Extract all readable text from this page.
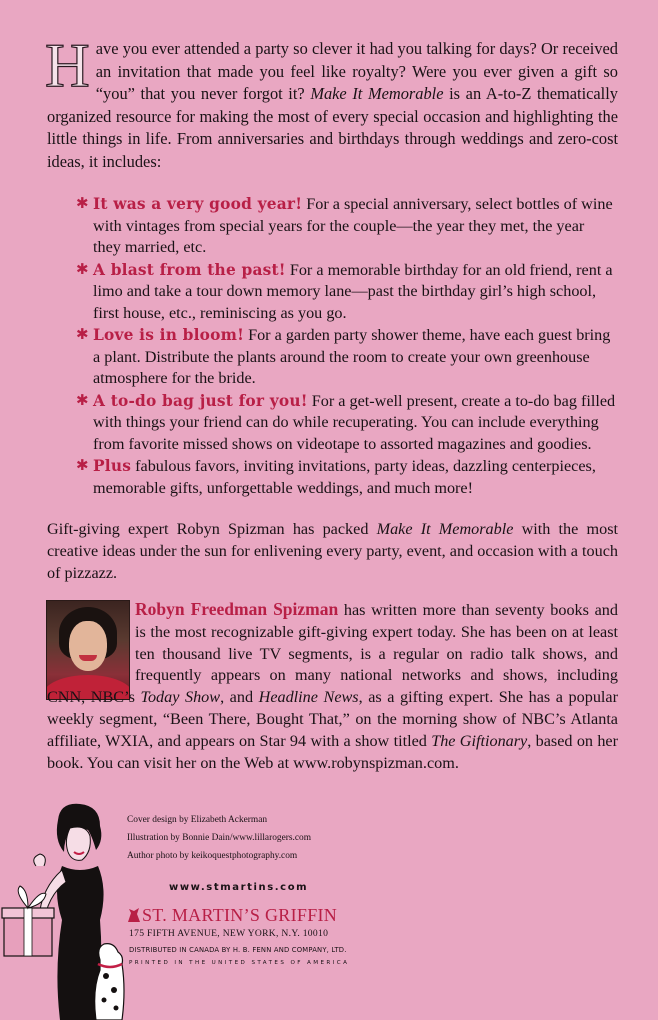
Have you ever attended a party so clever it had you talking for days? Or received an invitation that made you feel like royalty? Were you ever given a gift so “you” that you never forgot it? Make It Memorable is an A-to-Z thematically organized resource for making the most of every special occasion and highlighting the little things in life. From anniversaries and birthdays through weddings and zero-cost ideas, it includes:
✱ It was a very good year! For a special anniversary, select bottles of wine with vintages from special years for the couple—the year they met, the year they married, etc.
✱ A blast from the past! For a memorable birthday for an old friend, rent a limo and take a tour down memory lane—past the birthday girl’s high school, first house, etc., reminiscing as you go.
✱ Love is in bloom! For a garden party shower theme, have each guest bring a plant. Distribute the plants around the room to create your own greenhouse atmosphere for the bride.
✱ A to-do bag just for you! For a get-well present, create a to-do bag filled with things your friend can do while recuperating. You can include everything from favorite missed shows on videotape to assorted magazines and goodies.
✱ Plus fabulous favors, inviting invitations, party ideas, dazzling centerpieces, memorable gifts, unforgettable weddings, and much more!
Gift-giving expert Robyn Spizman has packed Make It Memorable with the most creative ideas under the sun for enlivening every party, event, and occasion with a touch of pizzazz.
Robyn Freedman Spizman has written more than seventy books and is the most recognizable gift-giving expert today. She has been on at least ten thousand live TV segments, is a regular on radio talk shows, and frequently appears on many national networks and shows, including CNN, NBC’s Today Show, and Headline News, as a gifting expert. She has a popular weekly segment, “Been There, Bought That,” on the morning show of NBC’s Atlanta affiliate, WXIA, and appears on Star 94 with a show titled The Giftionary, based on her book. You can visit her on the Web at www.robynspizman.com.
Cover design by Elizabeth Ackerman
Illustration by Bonnie Dain/www.lillarogers.com
Author photo by keikoquestphotography.com
www.stmartins.com
ST. MARTIN’S GRIFFIN
175 FIFTH AVENUE, NEW YORK, N.Y. 10010
DISTRIBUTED IN CANADA BY H. B. FENN AND COMPANY, LTD.
PRINTED IN THE UNITED STATES OF AMERICA
